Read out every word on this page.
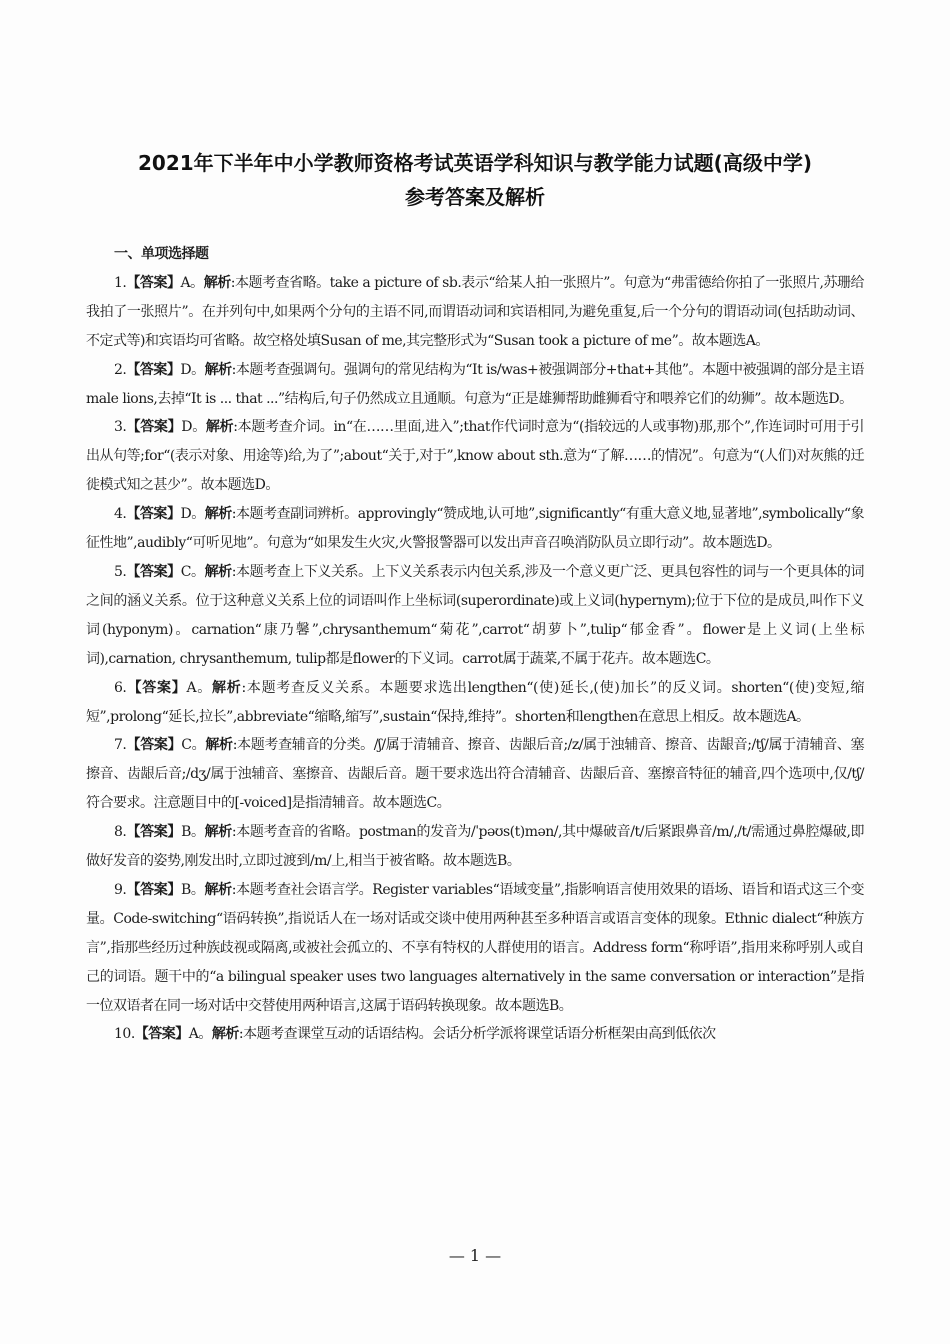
2021年下半年中小学教师资格考试英语学科知识与教学能力试题(高级中学)
参考答案及解析
一、单项选择题

1.【答案】A。解析:本题考查省略。take a picture of sb.表示“给某人拍一张照片”。句意为“弗雷德给你拍了一张照片,苏珊给我拍了一张照片”。在并列句中,如果两个分句的主语不同,而谓语动词和宾语相同,为避免重复,后一个分句的谓语动词(包括助动词、不定式等)和宾语均可省略。故空格处填Susan of me,其完整形式为“Susan took a picture of me”。故本题选A。

2.【答案】D。解析:本题考查强调句。强调句的常见结构为“It is/was+被强调部分+that+其他”。本题中被强调的部分是主语male lions,去掉“It is ... that ...”结构后,句子仍然成立且通顺。句意为“正是雄狮帮助雌狮看守和喂养它们的幼狮”。故本题选D。

3.【答案】D。解析:本题考查介词。in“在……里面,进入”;that作代词时意为“(指较远的人或事物)那,那个”,作连词时可用于引出从句等;for“(表示对象、用途等)给,为了”;about“关于,对于”,know about sth.意为“了解……的情况”。句意为“(人们)对灰熊的迁徙模式知之甚少”。故本题选D。

4.【答案】D。解析:本题考查副词辨析。approvingly“赞成地,认可地”,significantly“有重大意义地,显著地”,symbolically“象征性地”,audibly“可听见地”。句意为“如果发生火灾,火警报警器可以发出声音召唤消防队员立即行动”。故本题选D。

5.【答案】C。解析:本题考查上下义关系。上下义关系表示内包关系,涉及一个意义更广泛、更具包容性的词与一个更具体的词之间的涵义关系。位于这种意义关系上位的词语叫作上坐标词(superordinate)或上义词(hypernym);位于下位的是成员,叫作下义词(hyponym)。carnation“康乃馨”,chrysanthemum“菊花”,carrot“胡萝卜”,tulip“郁金香”。flower是上义词(上坐标词),carnation, chrysanthemum, tulip都是flower的下义词。carrot属于蔬菜,不属于花卉。故本题选C。

6.【答案】A。解析:本题考查反义关系。本题要求选出lengthen“(使)延长,(使)加长”的反义词。shorten“(使)变短,缩短”,prolong“延长,拉长”,abbreviate“缩略,缩写”,sustain“保持,维持”。shorten和lengthen在意思上相反。故本题选A。

7.【答案】C。解析:本题考查辅音的分类。/ʃ/属于清辅音、擦音、齿龈后音;/z/属于浊辅音、擦音、齿龈音;/tʃ/属于清辅音、塞擦音、齿龈后音;/dʒ/属于浊辅音、塞擦音、齿龈后音。题干要求选出符合清辅音、齿龈后音、塞擦音特征的辅音,四个选项中,仅/tʃ/符合要求。注意题目中的[-voiced]是指清辅音。故本题选C。

8.【答案】B。解析:本题考查音的省略。postman的发音为/ˈpəʊs(t)mən/,其中爆破音/t/后紧跟鼻音/m/,/t/需通过鼻腔爆破,即做好发音的姿势,刚发出时,立即过渡到/m/上,相当于被省略。故本题选B。

9.【答案】B。解析:本题考查社会语言学。Register variables“语域变量”,指影响语言使用效果的语场、语旨和语式这三个变量。Code-switching“语码转换”,指说话人在一场对话或交谈中使用两种甚至多种语言或语言变体的现象。Ethnic dialect“种族方言”,指那些经历过种族歧视或隔离,或被社会孤立的、不享有特权的人群使用的语言。Address form“称呼语”,指用来称呼别人或自己的词语。题干中的“a bilingual speaker uses two languages alternatively in the same conversation or interaction”是指一位双语者在同一场对话中交替使用两种语言,这属于语码转换现象。故本题选B。

10.【答案】A。解析:本题考查课堂互动的话语结构。会话分析学派将课堂话语分析框架由高到低依次

— 1 —
